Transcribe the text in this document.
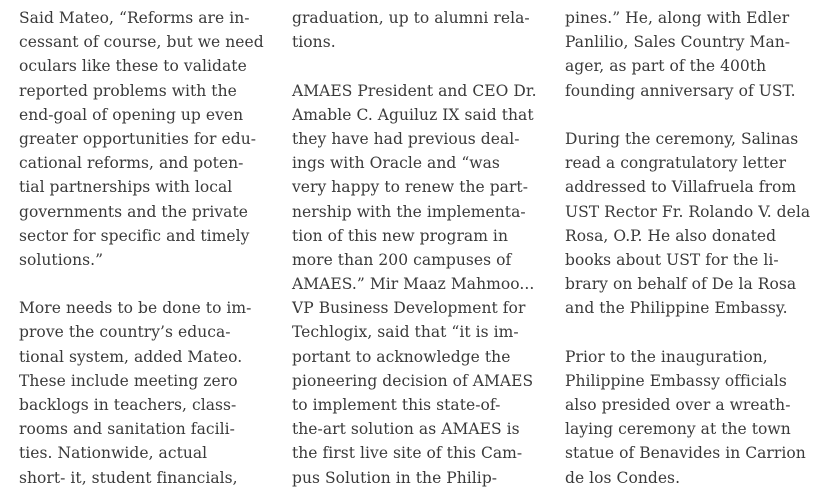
Said Mateo, “Reforms are in-
cessant of course, but we need
oculars like these to validate
reported problems with the
end-goal of opening up even
greater opportunities for edu-
cational reforms, and poten-
tial partnerships with local
governments and the private
sector for specific and timely
solutions.”

More needs to be done to im-
prove the country’s educa-
tional system, added Mateo.
These include meeting zero
backlogs in teachers, class-
rooms and sanitation facili-
ties. Nationwide, actual
short- it, student financials,

graduation, up to alumni rela-
tions.

AMAES President and CEO Dr.
Amable C. Aguiluz IX said that
they have had previous deal-
ings with Oracle and “was
very happy to renew the part-
nership with the implementa-
tion of this new program in
more than 200 campuses of
AMAES.” Mir Maaz Mahmoo...
VP Business Development for
Techlogix, said that “it is im-
portant to acknowledge the
pioneering decision of AMAES
to implement this state-of-
the-art solution as AMAES is
the first live site of this Cam-
pus Solution in the Philip-

pines.” He, along with Edler
Panlilio, Sales Country Man-
ager, as part of the 400th
founding anniversary of UST.

During the ceremony, Salinas
read a congratulatory letter
addressed to Villafruela from
UST Rector Fr. Rolando V. dela
Rosa, O.P. He also donated
books about UST for the li-
brary on behalf of De la Rosa
and the Philippine Embassy.

Prior to the inauguration,
Philippine Embassy officials
also presided over a wreath-
laying ceremony at the town
statue of Benavides in Carrion
de los Condes.
